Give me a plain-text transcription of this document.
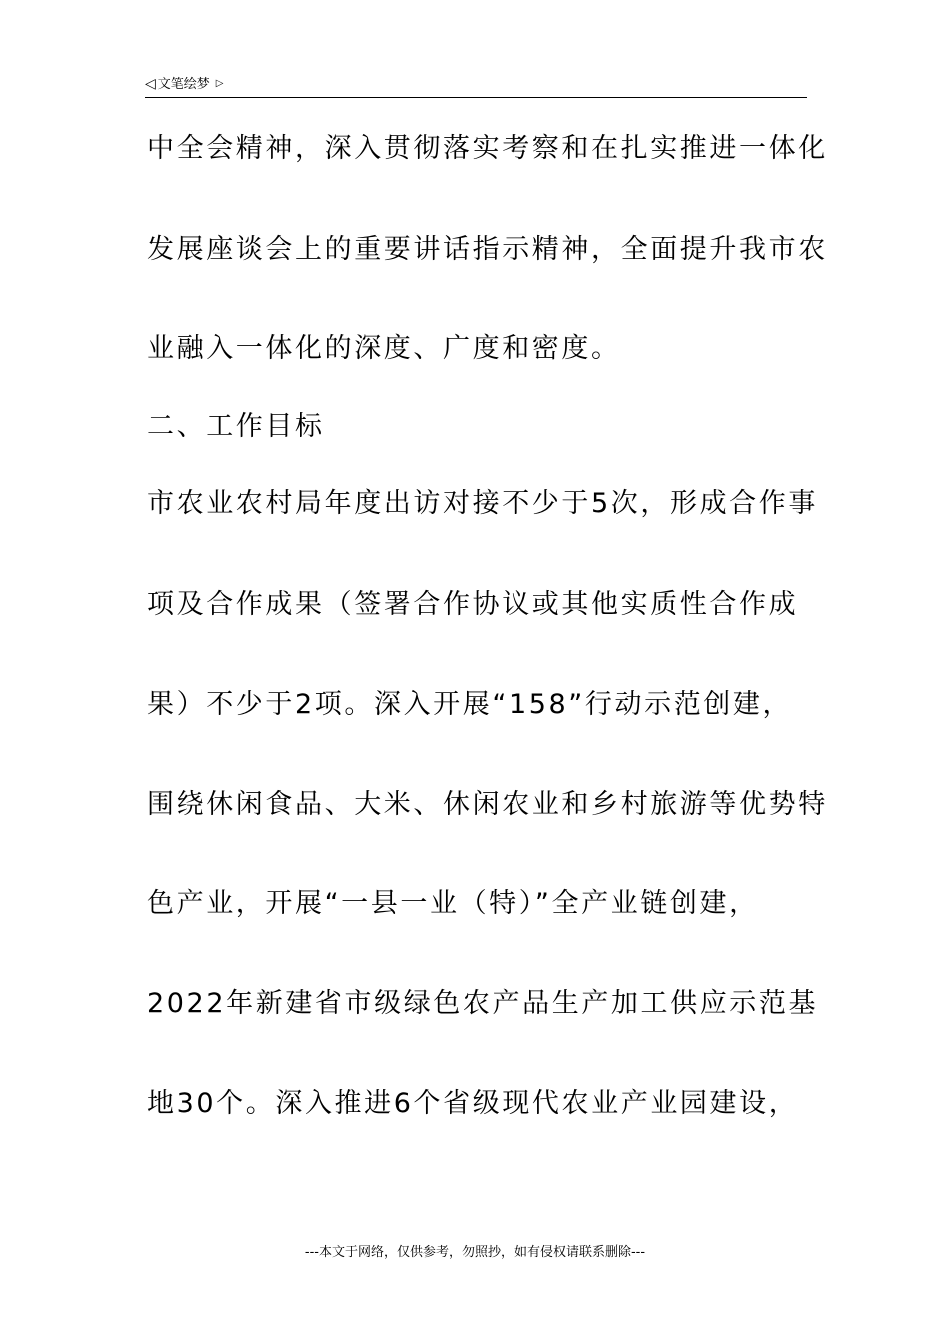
◁ 文笔绘梦 ▷
中全会精神，深入贯彻落实考察和在扎实推进一体化
发展座谈会上的重要讲话指示精神，全面提升我市农
业融入一体化的深度、广度和密度。
二、工作目标
市农业农村局年度出访对接不少于5次，形成合作事
项及合作成果（签署合作协议或其他实质性合作成
果）不少于2项。深入开展“158”行动示范创建，
围绕休闲食品、大米、休闲农业和乡村旅游等优势特
色产业，开展“一县一业（特）”全产业链创建，
2022年新建省市级绿色农产品生产加工供应示范基
地30个。深入推进6个省级现代农业产业园建设，
---本文于网络，仅供参考，勿照抄，如有侵权请联系删除---
